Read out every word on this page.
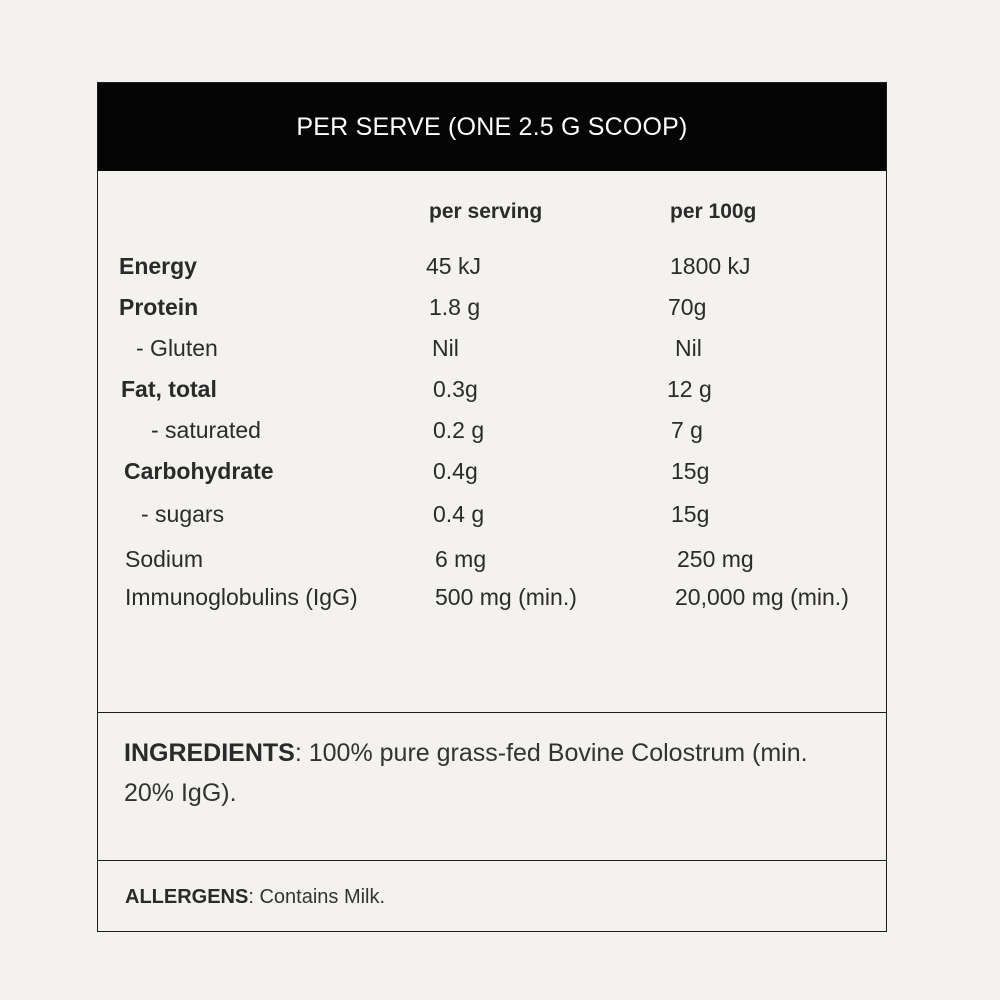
PER SERVE (ONE 2.5 G SCOOP)
per serving	per 100g
Energy	45 kJ	1800 kJ
Protein	1.8 g	70g
- Gluten	Nil	Nil
Fat, total	0.3g	12 g
- saturated	0.2 g	7 g
Carbohydrate	0.4g	15g
- sugars	0.4 g	15g
Sodium	6 mg	250 mg
Immunoglobulins (IgG)	500 mg (min.)	20,000 mg (min.)
INGREDIENTS: 100% pure grass-fed Bovine Colostrum (min. 20% IgG).
ALLERGENS: Contains Milk.
